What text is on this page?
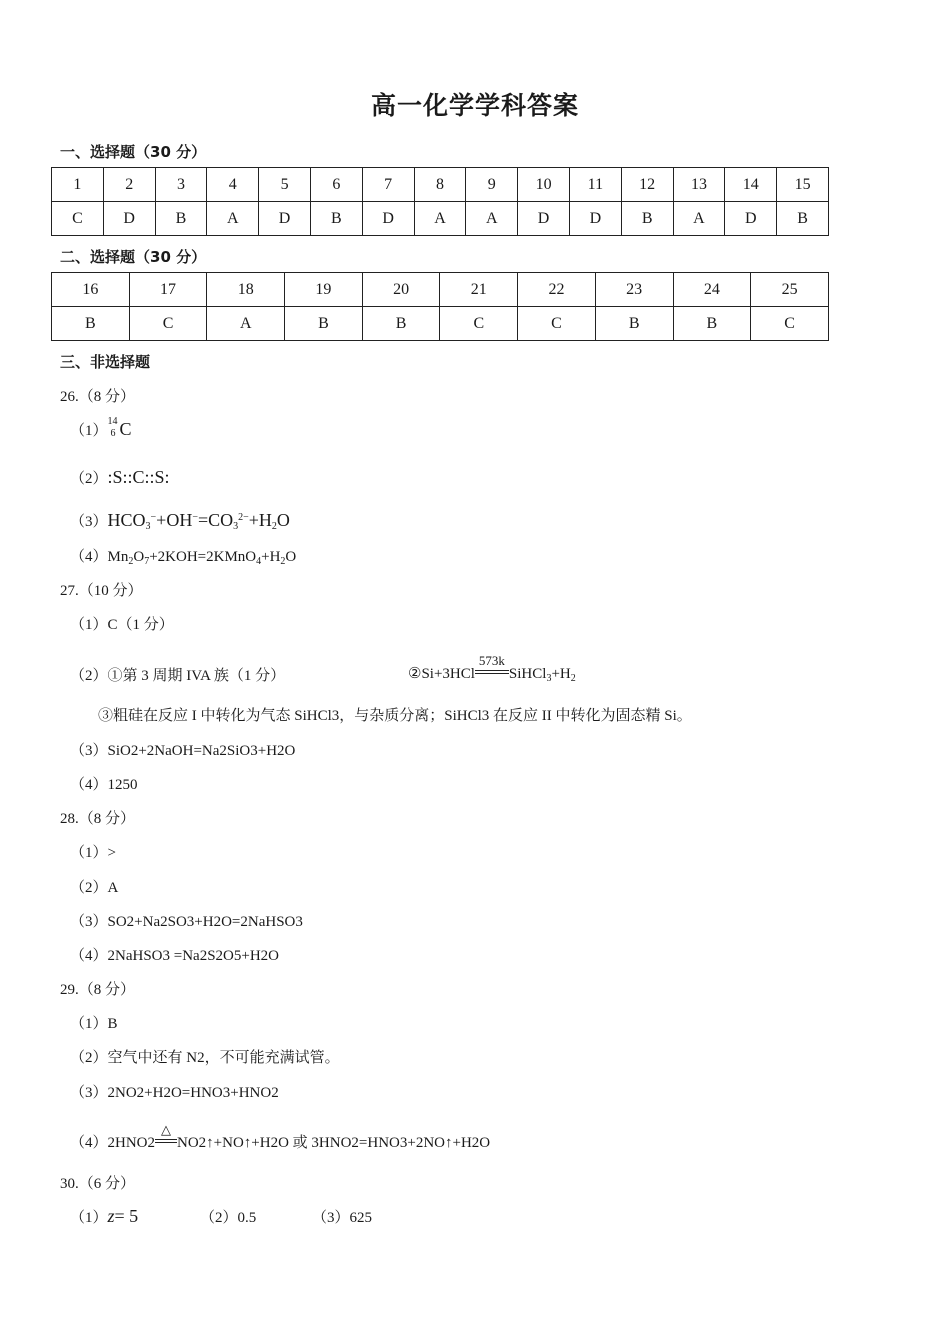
高一化学学科答案
一、选择题（30 分）
1	2	3	4	5	6	7	8	9	10	11	12	13	14	15
C	D	B	A	D	B	D	A	A	D	D	B	A	D	B
二、选择题（30 分）
16	17	18	19	20	21	22	23	24	25
B	C	A	B	B	C	C	B	B	C
三、非选择题
26.（8 分）
（1）
14
6 C
（2）:S::C::S:
$(3)HCO_3^-+OH^-=CO_3^{2-}+H_2O$
$(4)Mn_2O_7+2KOH=2KMnO_4+H_2O$
27.（10 分）
（1）C（1 分）
（2）①第 3 周期 IVA 族（1 分）	②Si+3HCl
573k
$SiHCl_3+H_2$
③粗硅在反应 I 中转化为气态 SiHCl3，与杂质分离；SiHCl3 在反应 II 中转化为固态精 Si。
（3）SiO2+2NaOH=Na2SiO3+H2O
（4）1250
28.（8 分）
（1）>
（2）A
（3）SO2+Na2SO3+H2O=2NaHSO3
（4）2NaHSO3 =Na2S2O5+H2O
29.（8 分）
（1）B
（2）空气中还有 N2，不可能充满试管。
（3）2NO2+H2O=HNO3+HNO2
（4）2HNO2
△
NO2↑+NO↑+H2O 或 3HNO2=HNO3+2NO↑+H2O
30.（6 分）
（1）z= 5	（2）0.5	（3）625
